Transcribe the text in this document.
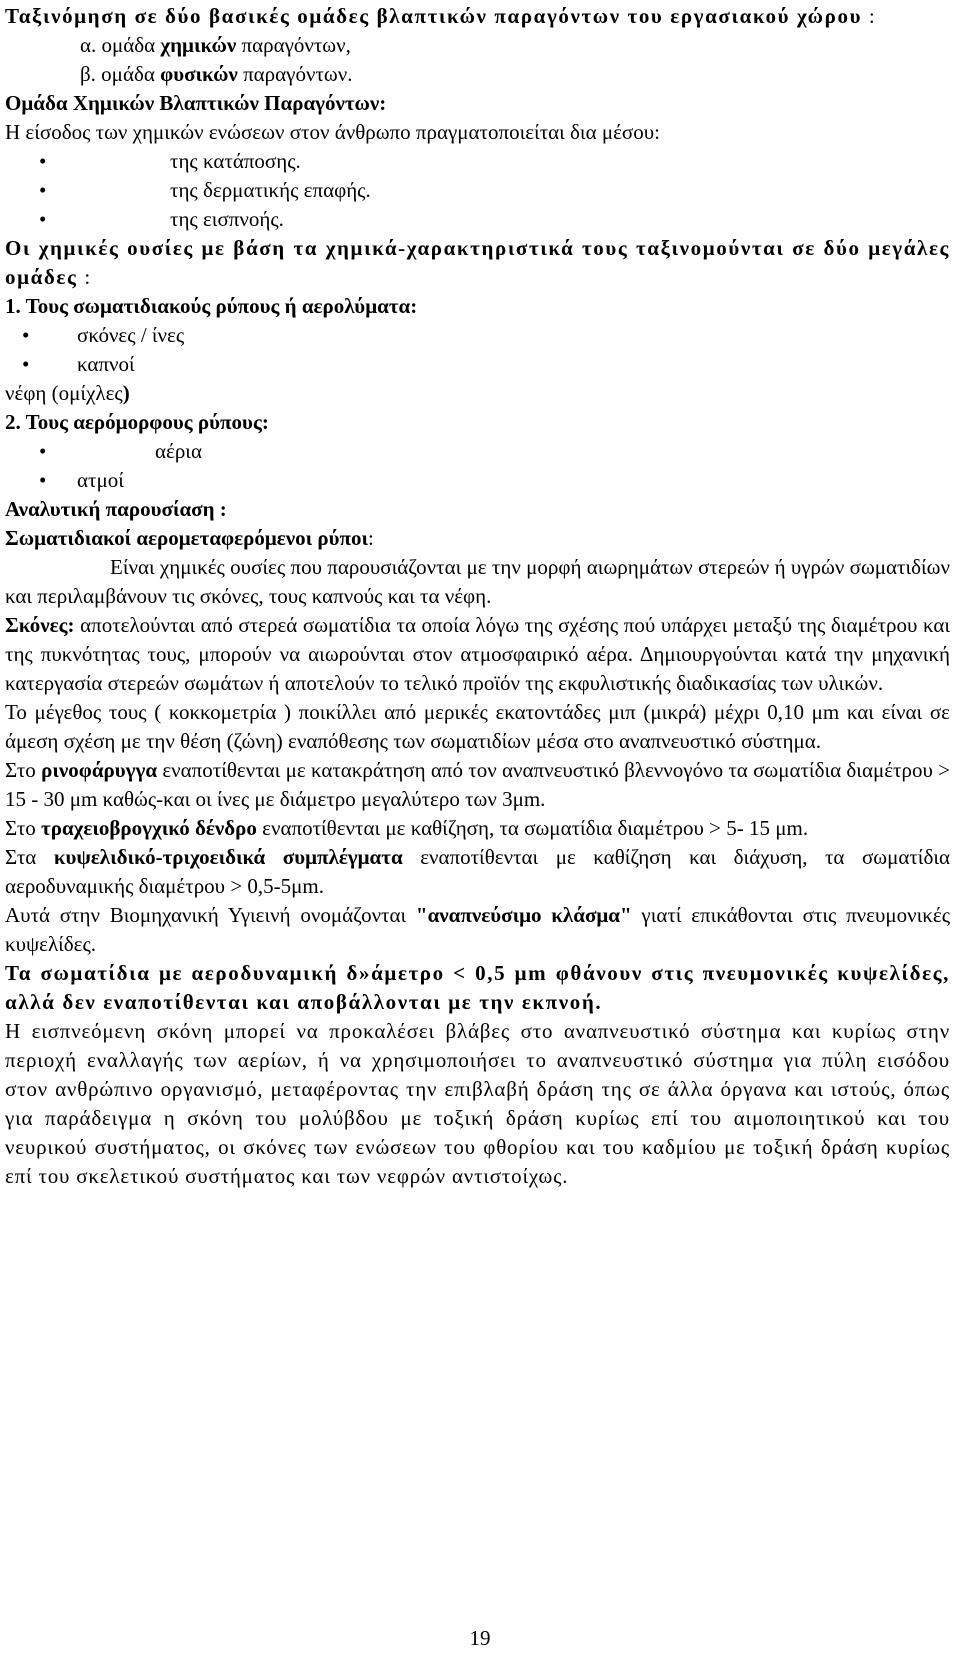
Ταξινόμηση σε δύο βασικές ομάδες βλαπτικών παραγόντων του εργασιακού χώρου :

α. ομάδα χημικών παραγόντων,

β. ομάδα φυσικών παραγόντων.

Ομάδα Χημικών Βλαπτικών Παραγόντων:

Η είσοδος των χημικών ενώσεων στον άνθρωπο πραγματοποιείται δια μέσου:

•	της κατάποσης.
•	της δερματικής επαφής.
•	της εισπνοής.

Οι χημικές ουσίες με βάση τα χημικά-χαρακτηριστικά τους ταξινομούνται σε δύο μεγάλες ομάδες :

1. Τους σωματιδιακούς ρύπους ή αερολύματα:

•	σκόνες / ίνες
•	καπνοί

νέφη (ομίχλες)

2. Τους αερόμορφους ρύπους:

•	αέρια
•	ατμοί

Αναλυτική παρουσίαση :

Σωματιδιακοί αερομεταφερόμενοι ρύποι:

Είναι χημικές ουσίες που παρουσιάζονται με την μορφή αιωρημάτων στερεών ή υγρών σωματιδίων και περιλαμβάνουν τις σκόνες, τους καπνούς και τα νέφη.

Σκόνες: αποτελούνται από στερεά σωματίδια τα οποία λόγω της σχέσης πού υπάρχει μεταξύ της διαμέτρου και της πυκνότητας τους, μπορούν να αιωρούνται στον ατμοσφαιρικό αέρα. Δημιουργούνται κατά την μηχανική κατεργασία στερεών σωμάτων ή αποτελούν το τελικό προϊόν της εκφυλιστικής διαδικασίας των υλικών.

Το μέγεθος τους ( κοκκομετρία ) ποικίλλει από μερικές εκατοντάδες μιπ (μικρά) μέχρι 0,10 μm και είναι σε άμεση σχέση με την θέση (ζώνη) εναπόθεσης των σωματιδίων μέσα στο αναπνευστικό σύστημα.

Στο ρινοφάρυγγα εναποτίθενται με κατακράτηση από τον αναπνευστικό βλεννογόνο τα σωματίδια διαμέτρου > 15 - 30 μm καθώς-και οι ίνες με διάμετρο μεγαλύτερο των 3μm.

Στο τραχειοβρογχικό δένδρο εναποτίθενται με καθίζηση, τα σωματίδια διαμέτρου > 5- 15 μm.

Στα κυψελιδικό-τριχοειδικά συμπλέγματα εναποτίθενται με καθίζηση και διάχυση, τα σωματίδια αεροδυναμικής διαμέτρου > 0,5-5μm.

Αυτά στην Βιομηχανική Υγιεινή ονομάζονται "αναπνεύσιμο κλάσμα" γιατί επικάθονται στις πνευμονικές κυψελίδες.

Τα σωματίδια με αεροδυναμική δ»άμετρο < 0,5 μm φθάνουν στις πνευμονικές κυψελίδες, αλλά δεν εναποτίθενται και αποβάλλονται με την εκπνοή.

Η εισπνεόμενη σκόνη μπορεί να προκαλέσει βλάβες στο αναπνευστικό σύστημα και κυρίως στην περιοχή εναλλαγής των αερίων, ή να χρησιμοποιήσει το αναπνευστικό σύστημα για πύλη εισόδου στον ανθρώπινο οργανισμό, μεταφέροντας την επιβλαβή δράση της σε άλλα όργανα και ιστούς, όπως για παράδειγμα η σκόνη του μολύβδου με τοξική δράση κυρίως επί του αιμοποιητικού και του νευρικού συστήματος, οι σκόνες των ενώσεων του φθορίου και του καδμίου με τοξική δράση κυρίως επί του σκελετικού συστήματος και των νεφρών αντιστοίχως.

19
